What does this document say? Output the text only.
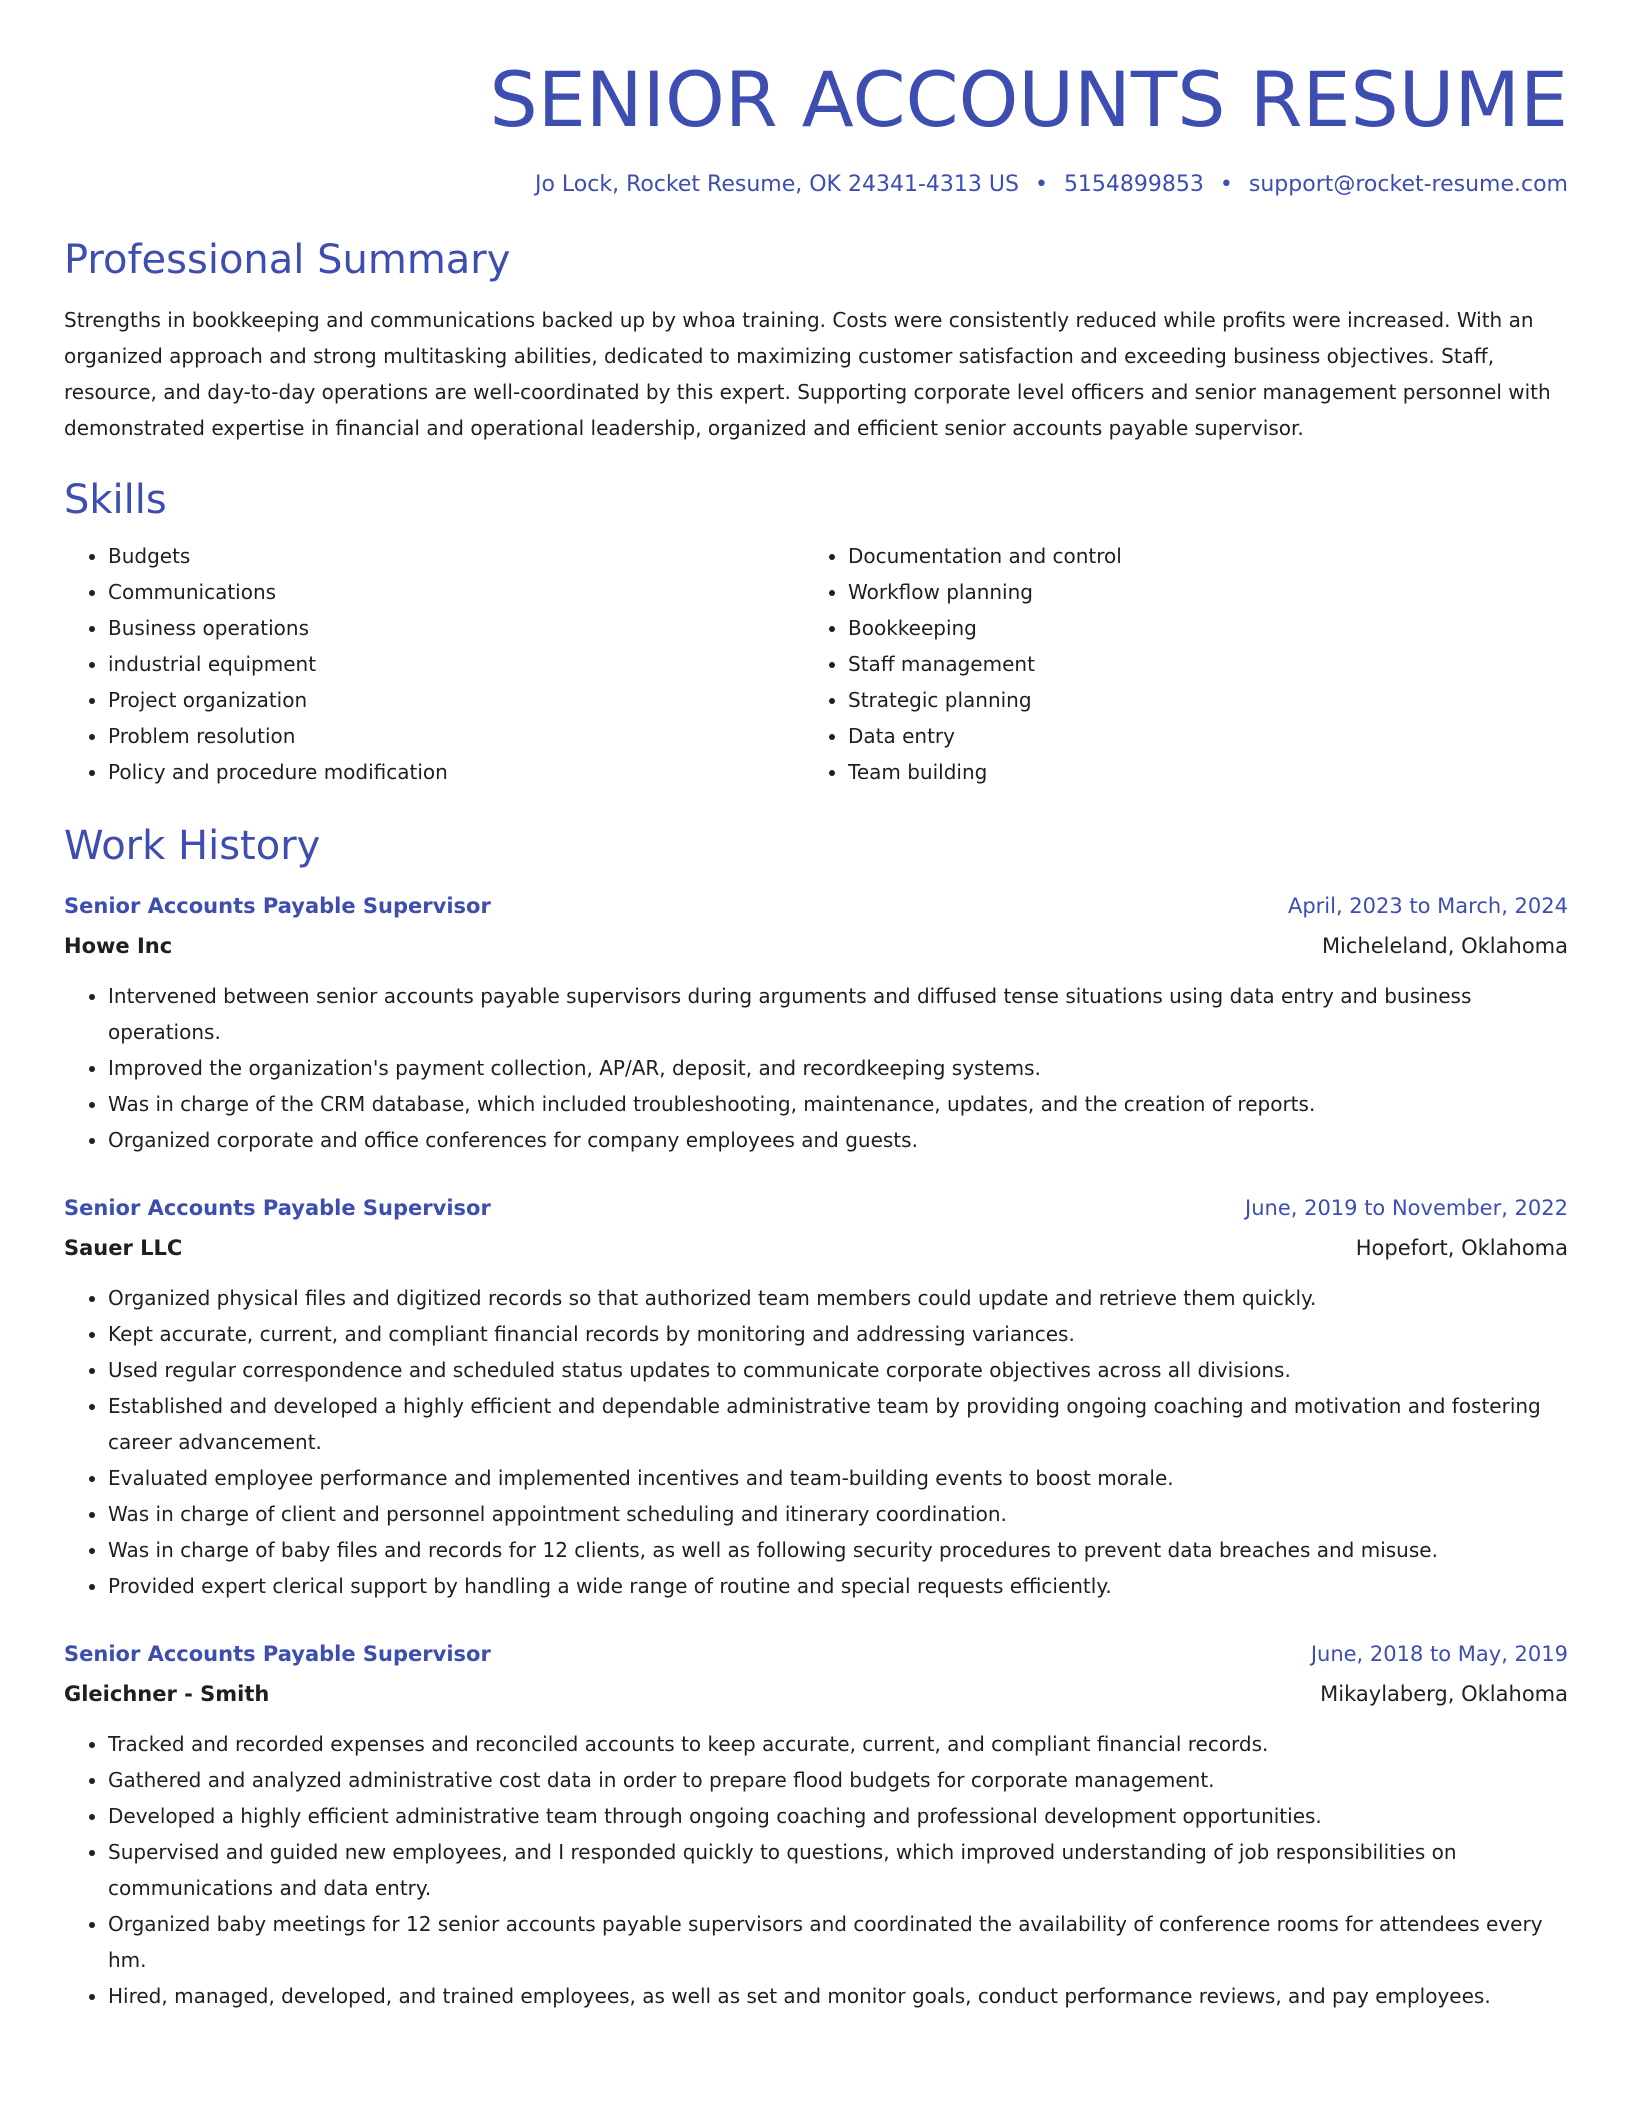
SENIOR ACCOUNTS RESUME
Jo Lock, Rocket Resume, OK 24341-4313 US • 5154899853 • support@rocket-resume.com
Professional Summary
Strengths in bookkeeping and communications backed up by whoa training. Costs were consistently reduced while profits were increased. With an organized approach and strong multitasking abilities, dedicated to maximizing customer satisfaction and exceeding business objectives. Staff, resource, and day-to-day operations are well-coordinated by this expert. Supporting corporate level officers and senior management personnel with demonstrated expertise in financial and operational leadership, organized and efficient senior accounts payable supervisor.
Skills
• Budgets
• Communications
• Business operations
• industrial equipment
• Project organization
• Problem resolution
• Policy and procedure modification
• Documentation and control
• Workflow planning
• Bookkeeping
• Staff management
• Strategic planning
• Data entry
• Team building
Work History
Senior Accounts Payable Supervisor	April, 2023 to March, 2024
Howe Inc	Micheleland, Oklahoma
• Intervened between senior accounts payable supervisors during arguments and diffused tense situations using data entry and business operations.
• Improved the organization's payment collection, AP/AR, deposit, and recordkeeping systems.
• Was in charge of the CRM database, which included troubleshooting, maintenance, updates, and the creation of reports.
• Organized corporate and office conferences for company employees and guests.
Senior Accounts Payable Supervisor	June, 2019 to November, 2022
Sauer LLC	Hopefort, Oklahoma
• Organized physical files and digitized records so that authorized team members could update and retrieve them quickly.
• Kept accurate, current, and compliant financial records by monitoring and addressing variances.
• Used regular correspondence and scheduled status updates to communicate corporate objectives across all divisions.
• Established and developed a highly efficient and dependable administrative team by providing ongoing coaching and motivation and fostering career advancement.
• Evaluated employee performance and implemented incentives and team-building events to boost morale.
• Was in charge of client and personnel appointment scheduling and itinerary coordination.
• Was in charge of baby files and records for 12 clients, as well as following security procedures to prevent data breaches and misuse.
• Provided expert clerical support by handling a wide range of routine and special requests efficiently.
Senior Accounts Payable Supervisor	June, 2018 to May, 2019
Gleichner - Smith	Mikaylaberg, Oklahoma
• Tracked and recorded expenses and reconciled accounts to keep accurate, current, and compliant financial records.
• Gathered and analyzed administrative cost data in order to prepare flood budgets for corporate management.
• Developed a highly efficient administrative team through ongoing coaching and professional development opportunities.
• Supervised and guided new employees, and I responded quickly to questions, which improved understanding of job responsibilities on communications and data entry.
• Organized baby meetings for 12 senior accounts payable supervisors and coordinated the availability of conference rooms for attendees every hm.
• Hired, managed, developed, and trained employees, as well as set and monitor goals, conduct performance reviews, and pay employees.
